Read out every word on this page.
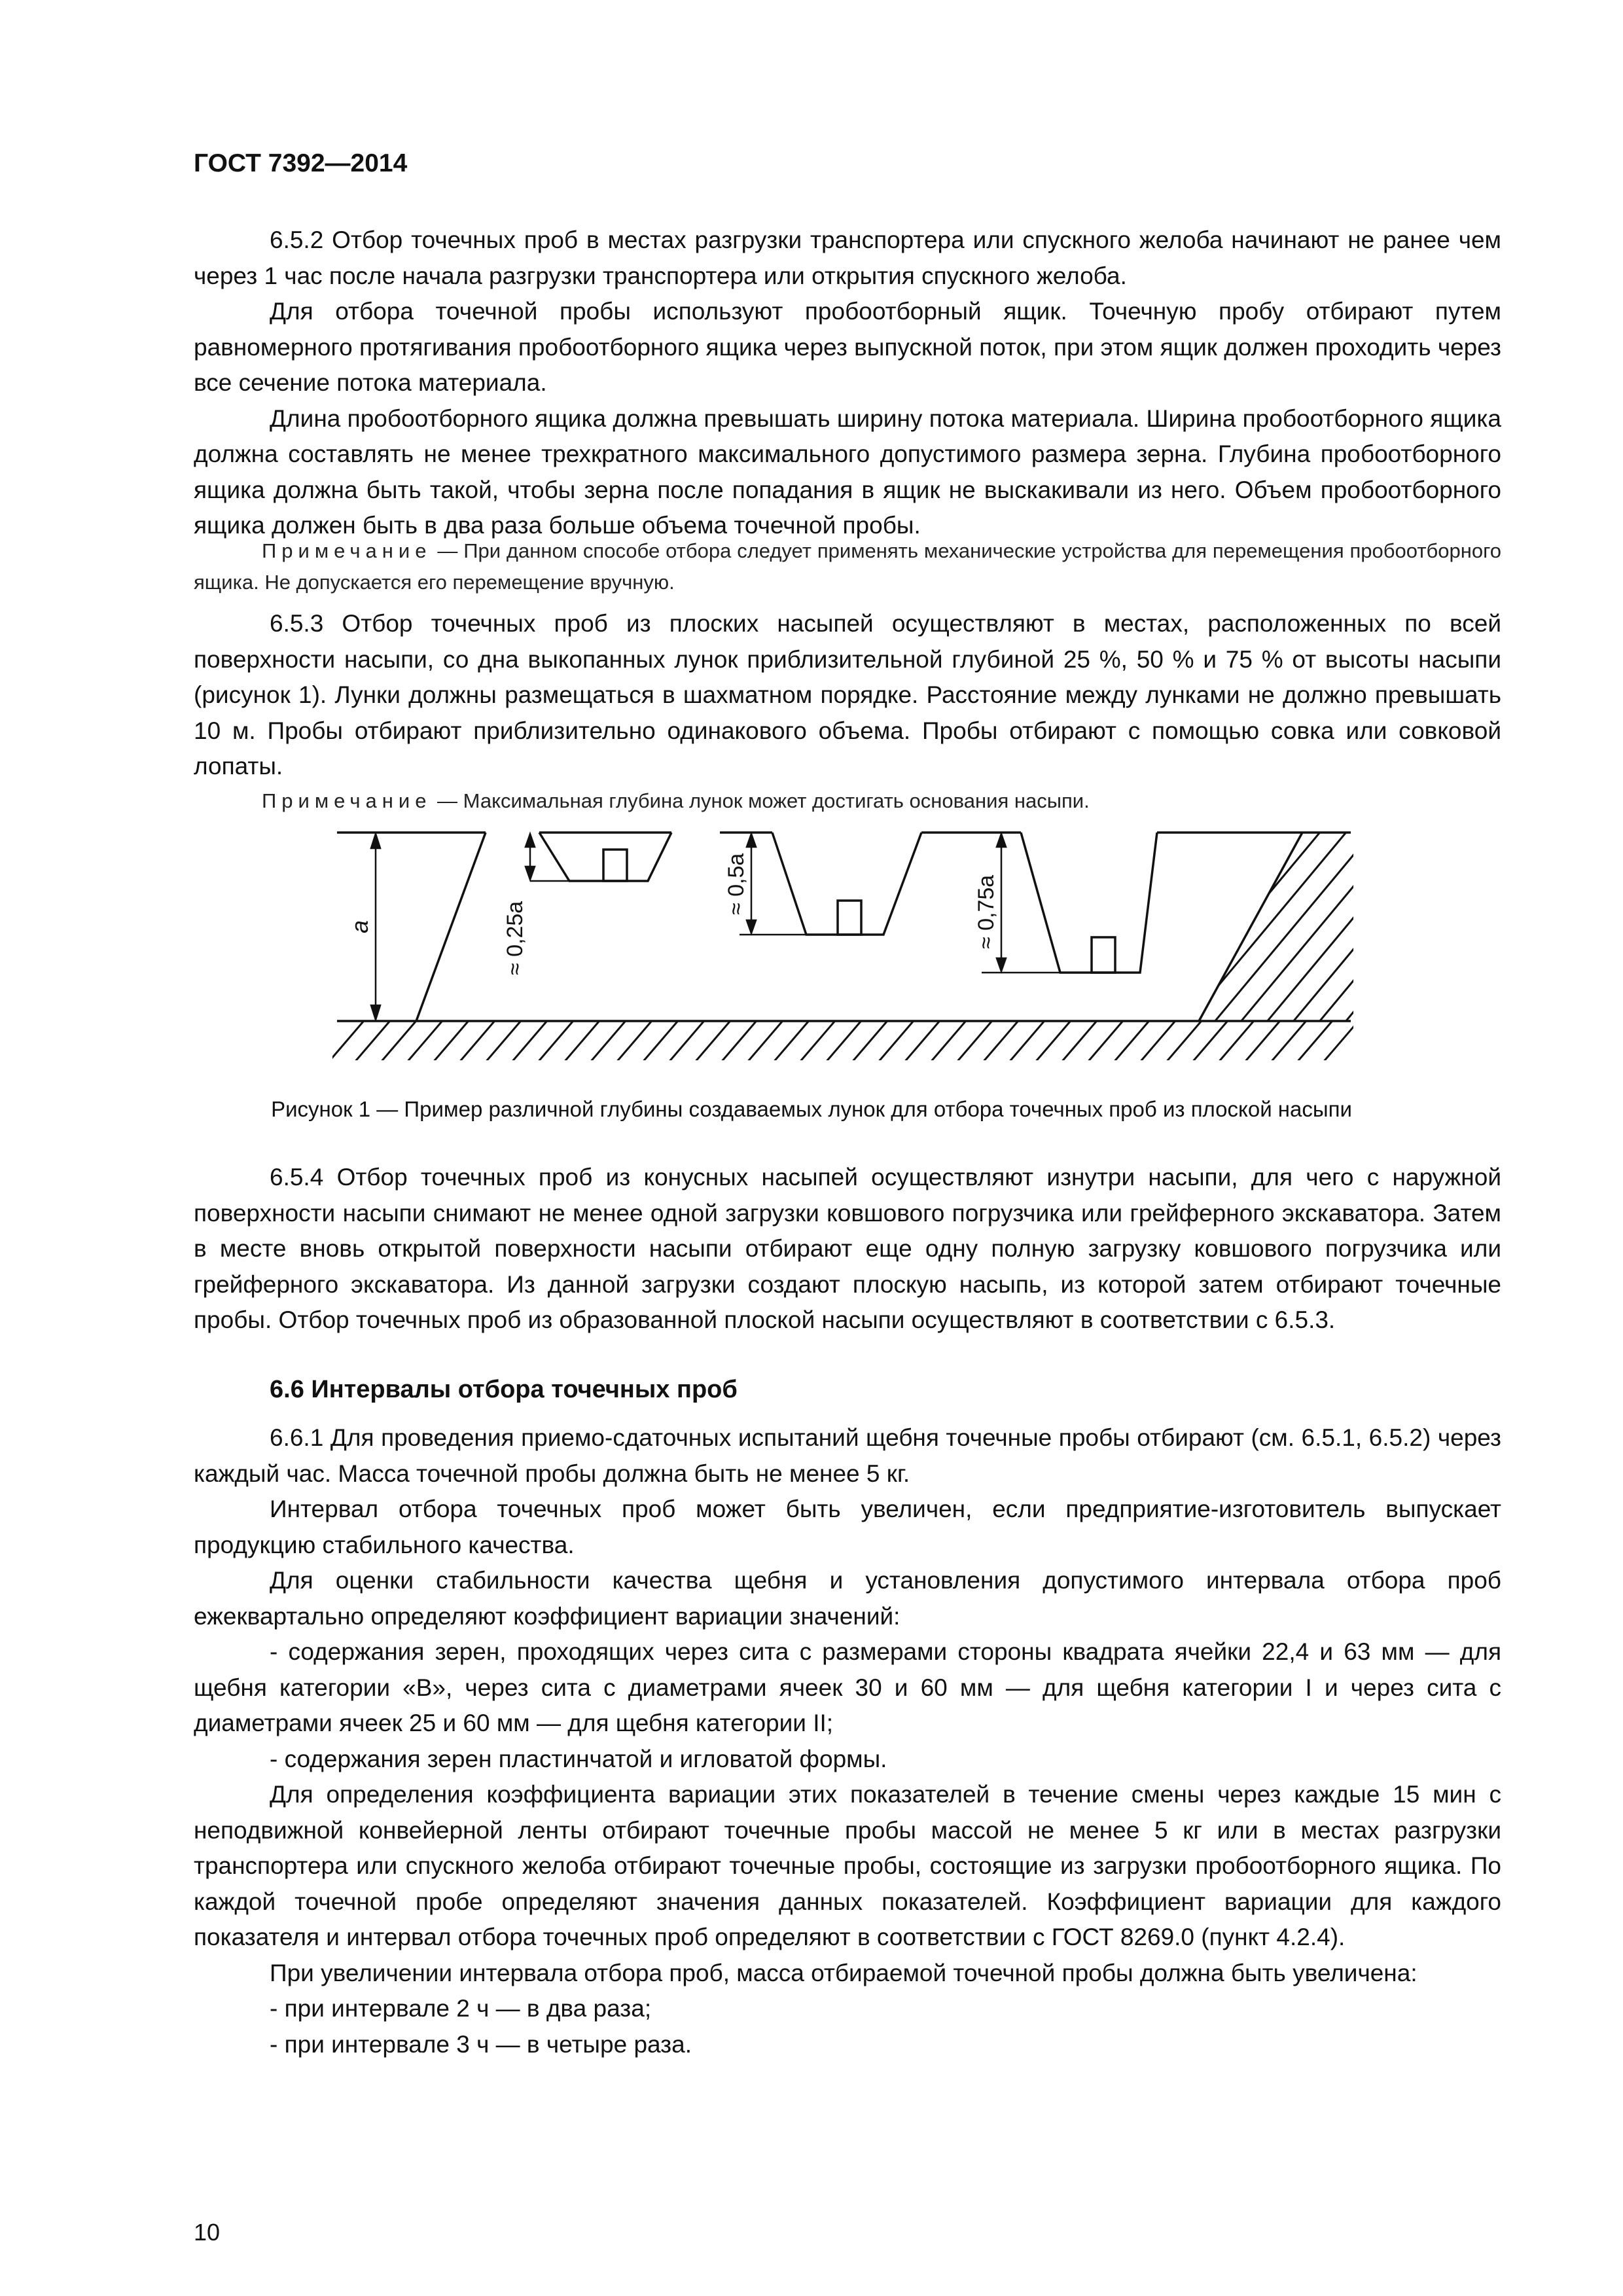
ГОСТ 7392—2014

6.5.2 Отбор точечных проб в местах разгрузки транспортера или спускного желоба начинают не ранее чем через 1 час после начала разгрузки транспортера или открытия спускного желоба.

Для отбора точечной пробы используют пробоотборный ящик. Точечную пробу отбирают путем равномерного протягивания пробоотборного ящика через выпускной поток, при этом ящик должен проходить через все сечение потока материала.

Длина пробоотборного ящика должна превышать ширину потока материала. Ширина пробоотборного ящика должна составлять не менее трехкратного максимального допустимого размера зерна. Глубина пробоотборного ящика должна быть такой, чтобы зерна после попадания в ящик не выскакивали из него. Объем пробоотборного ящика должен быть в два раза больше объема точечной пробы.

Примечание — При данном способе отбора следует применять механические устройства для перемещения пробоотборного ящика. Не допускается его перемещение вручную.

6.5.3 Отбор точечных проб из плоских насыпей осуществляют в местах, расположенных по всей поверхности насыпи, со дна выкопанных лунок приблизительной глубиной 25 %, 50 % и 75 % от высоты насыпи (рисунок 1). Лунки должны размещаться в шахматном порядке. Расстояние между лунками не должно превышать 10 м. Пробы отбирают приблизительно одинакового объема. Пробы отбирают с помощью совка или совковой лопаты.

Примечание — Максимальная глубина лунок может достигать основания насыпи.

a	≈ 0,25a
≈ 0,5a	≈ 0,75a
Рисунок 1 — Пример различной глубины создаваемых лунок для отбора точечных проб из плоской насыпи

6.5.4 Отбор точечных проб из конусных насыпей осуществляют изнутри насыпи, для чего с наружной поверхности насыпи снимают не менее одной загрузки ковшового погрузчика или грейферного экскаватора. Затем в месте вновь открытой поверхности насыпи отбирают еще одну полную загрузку ковшового погрузчика или грейферного экскаватора. Из данной загрузки создают плоскую насыпь, из которой затем отбирают точечные пробы. Отбор точечных проб из образованной плоской насыпи осуществляют в соответствии с 6.5.3.

6.6 Интервалы отбора точечных проб

6.6.1 Для проведения приемо-сдаточных испытаний щебня точечные пробы отбирают (см. 6.5.1, 6.5.2) через каждый час. Масса точечной пробы должна быть не менее 5 кг.

Интервал отбора точечных проб может быть увеличен, если предприятие-изготовитель выпускает продукцию стабильного качества.

Для оценки стабильности качества щебня и установления допустимого интервала отбора проб ежеквартально определяют коэффициент вариации значений:

- содержания зерен, проходящих через сита с размерами стороны квадрата ячейки 22,4 и 63 мм — для щебня категории «В», через сита с диаметрами ячеек 30 и 60 мм — для щебня категории I и через сита с диаметрами ячеек 25 и 60 мм — для щебня категории II;

- содержания зерен пластинчатой и игловатой формы.

Для определения коэффициента вариации этих показателей в течение смены через каждые 15 мин с неподвижной конвейерной ленты отбирают точечные пробы массой не менее 5 кг или в местах разгрузки транспортера или спускного желоба отбирают точечные пробы, состоящие из загрузки пробоотборного ящика. По каждой точечной пробе определяют значения данных показателей. Коэффициент вариации для каждого показателя и интервал отбора точечных проб определяют в соответствии с ГОСТ 8269.0 (пункт 4.2.4).

При увеличении интервала отбора проб, масса отбираемой точечной пробы должна быть увеличена:

- при интервале 2 ч — в два раза;

- при интервале 3 ч — в четыре раза.

10
